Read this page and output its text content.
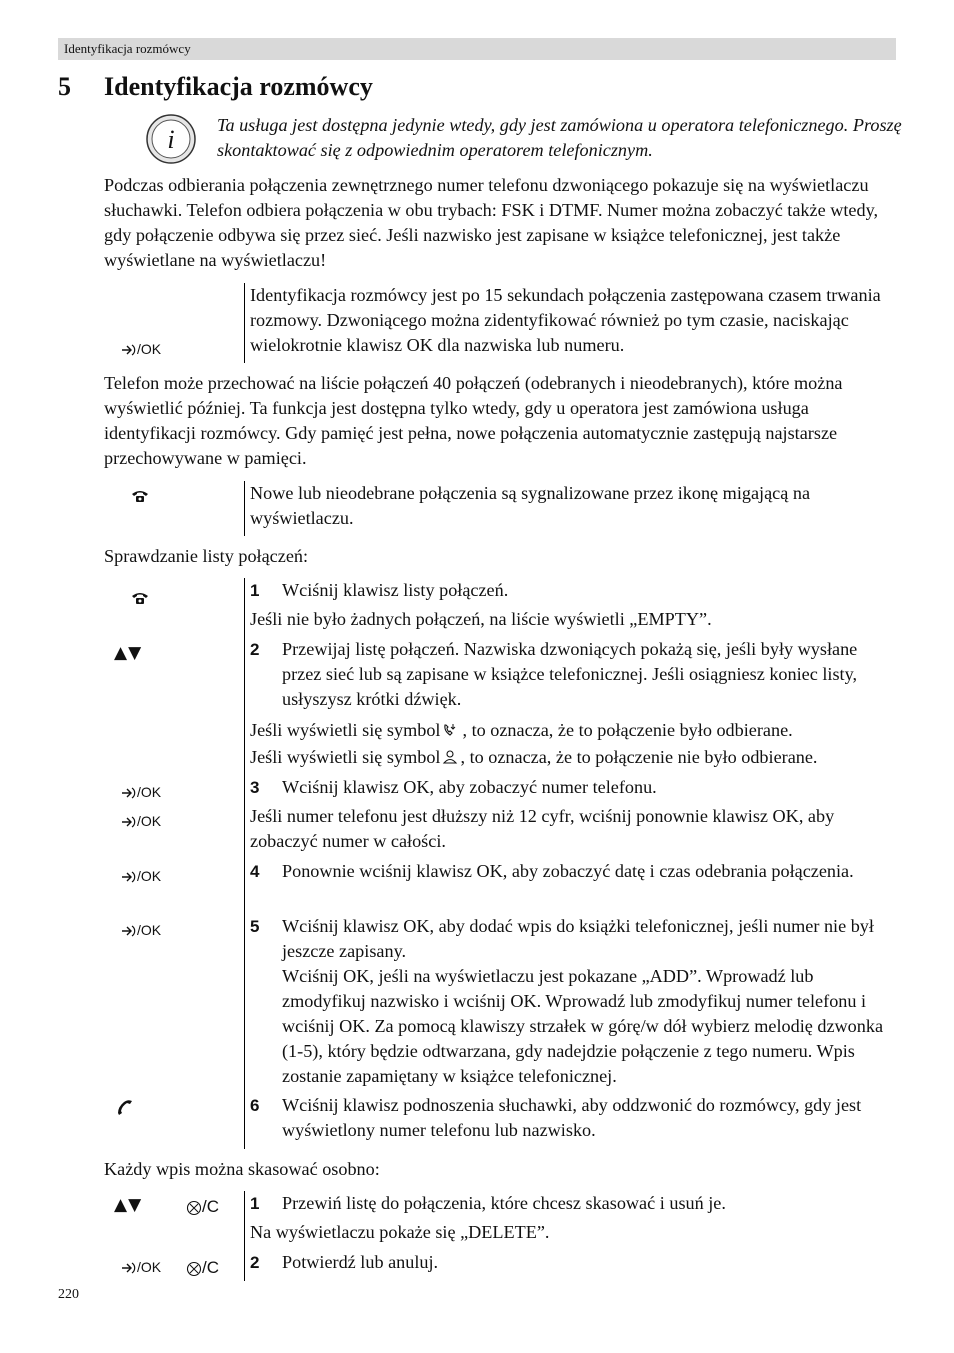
Identyfikacja rozmówcy
5 Identyfikacja rozmówcy
i Ta usługa jest dostępna jedynie wtedy, gdy jest zamówiona u operatora telefonicznego. Proszę skontaktować się z odpowiednim operatorem telefonicznym.
Podczas odbierania połączenia zewnętrznego numer telefonu dzwoniącego pokazuje się na wyświetlaczu słuchawki. Telefon odbiera połączenia w obu trybach: FSK i DTMF. Numer można zobaczyć także wtedy, gdy połączenie odbywa się przez sieć. Jeśli nazwisko jest zapisane w książce telefonicznej, jest także wyświetlane na wyświetlaczu!
/OK
Identyfikacja rozmówcy jest po 15 sekundach połączenia zastępowana czasem trwania rozmowy. Dzwoniącego można zidentyfikować również po tym czasie, naciskając wielokrotnie klawisz OK dla nazwiska lub numeru.
Telefon może przechować na liście połączeń 40 połączeń (odebranych i nieodebranych), które można wyświetlić później. Ta funkcja jest dostępna tylko wtedy, gdy u operatora jest zamówiona usługa identyfikacji rozmówcy. Gdy pamięć jest pełna, nowe połączenia automatycznie zastępują najstarsze przechowywane w pamięci.
Nowe lub nieodebrane połączenia są sygnalizowane przez ikonę migającą na wyświetlaczu.
Sprawdzanie listy połączeń:
1 Wciśnij klawisz listy połączeń.
Jeśli nie było żadnych połączeń, na liście wyświetli „EMPTY”.
▲▼	2 Przewijaj listę połączeń. Nazwiska dzwoniących pokażą się, jeśli były wysłane przez sieć lub są zapisane w książce telefonicznej. Jeśli osiągniesz koniec listy, usłyszysz krótki dźwięk.
Jeśli wyświetli się symbol , to oznacza, że to połączenie było odbierane.
Jeśli wyświetli się symbol , to oznacza, że to połączenie nie było odbierane.
/OK	3 Wciśnij klawisz OK, aby zobaczyć numer telefonu.
/OK	Jeśli numer telefonu jest dłuższy niż 12 cyfr, wciśnij ponownie klawisz OK, aby zobaczyć numer w całości.
/OK	4 Ponownie wciśnij klawisz OK, aby zobaczyć datę i czas odebrania połączenia.
/OK	5 Wciśnij klawisz OK, aby dodać wpis do książki telefonicznej, jeśli numer nie był jeszcze zapisany.
Wciśnij OK, jeśli na wyświetlaczu jest pokazane „ADD”. Wprowadź lub zmodyfikuj nazwisko i wciśnij OK. Wprowadź lub zmodyfikuj numer telefonu i wciśnij OK. Za pomocą klawiszy strzałek w górę/w dół wybierz melodię dzwonka (1-5), który będzie odtwarzana, gdy nadejdzie połączenie z tego numeru. Wpis zostanie zapamiętany w książce telefonicznej.
6 Wciśnij klawisz podnoszenia słuchawki, aby oddzwonić do rozmówcy, gdy jest wyświetlony numer telefonu lub nazwisko.
Każdy wpis można skasować osobno:
▲▼	/C 1 Przewiń listę do połączenia, które chcesz skasować i usuń je.
Na wyświetlaczu pokaże się „DELETE”.
/OK	/C 2 Potwierdź lub anuluj.
220
